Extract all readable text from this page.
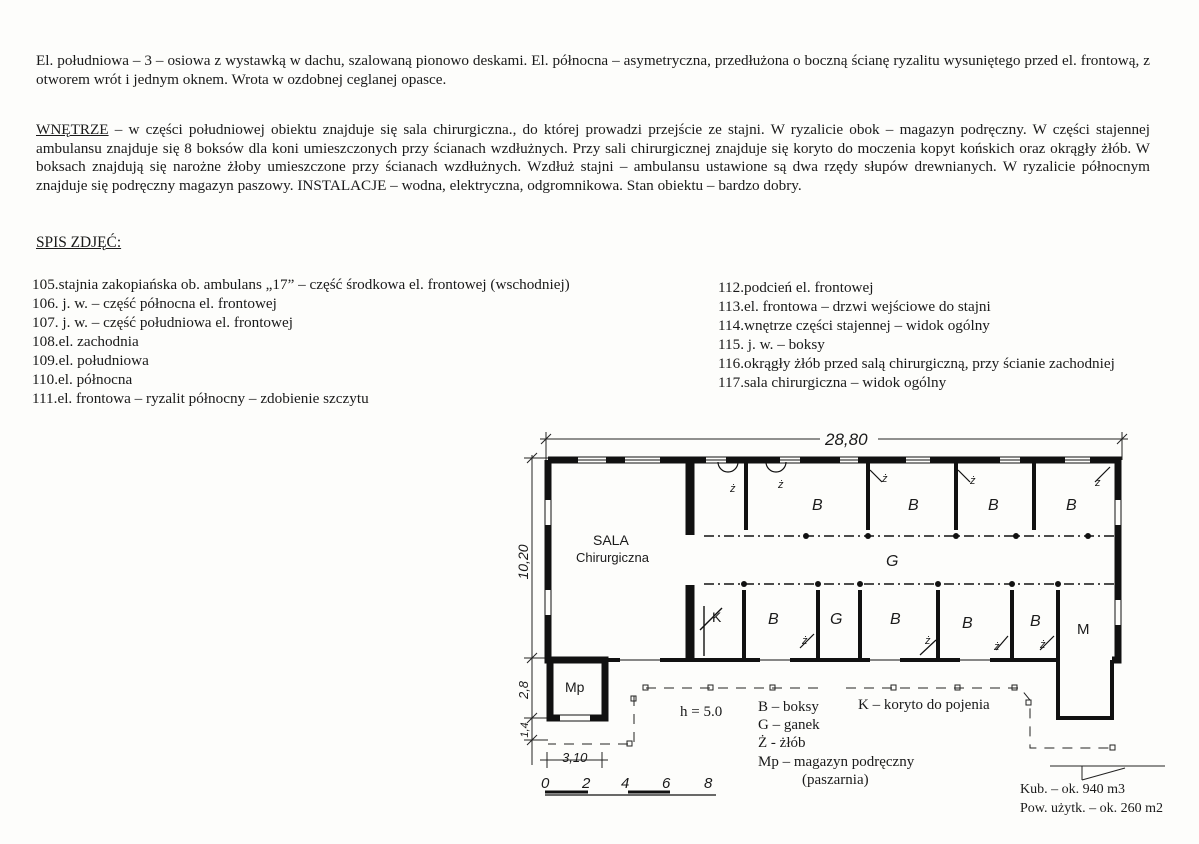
El. południowa – 3 – osiowa z wystawką w dachu, szalowaną pionowo deskami. El. północna – asymetryczna, przedłużona o boczną ścianę ryzalitu wysuniętego przed el. frontową, z otworem wrót i jednym oknem. Wrota w ozdobnej ceglanej opasce.
WNĘTRZE – w części południowej obiektu znajduje się sala chirurgiczna., do której prowadzi przejście ze stajni. W ryzalicie obok – magazyn podręczny. W części stajennej ambulansu znajduje się 8 boksów dla koni umieszczonych przy ścianach wzdłużnych. Przy sali chirurgicznej znajduje się koryto do moczenia kopyt końskich oraz okrągły żłób. W boksach znajdują się narożne żłoby umieszczone przy ścianach wzdłużnych. Wzdłuż stajni – ambulansu ustawione są dwa rzędy słupów drewnianych. W ryzalicie północnym znajduje się podręczny magazyn paszowy. INSTALACJE – wodna, elektryczna, odgromnikowa. Stan obiektu – bardzo dobry.
SPIS ZDJĘĆ:
105.stajnia zakopiańska ob. ambulans „17” – część środkowa el. frontowej (wschodniej)
106. j. w. – część północna el. frontowej
107. j. w. – część południowa el. frontowej
108.el. zachodnia
109.el. południowa
110.el. północna
111.el. frontowa – ryzalit północny – zdobienie szczytu
112.podcień el. frontowej
113.el. frontowa – drzwi wejściowe do stajni
114.wnętrze części stajennej – widok ogólny
115. j. w. – boksy
116.okrągły żłób przed salą chirurgiczną, przy ścianie zachodniej
117.sala chirurgiczna – widok ogólny
28,80
10,20
2,8
1,4
3,10
SALA
Chirurgiczna
Mp
M
G
G
K
B	B	B	B
B	B	B	B
ż	ż	ż	ż	ż
ż	ż	ż	ż
h = 5.0 B – boksy
G – ganek
Ż - żłób
Mp – magazyn podręczny
(paszarnia)
K – koryto do pojenia
0 2 4 6 8	Kub. – ok. 940 m3
Pow. użytk. – ok. 260 m2
